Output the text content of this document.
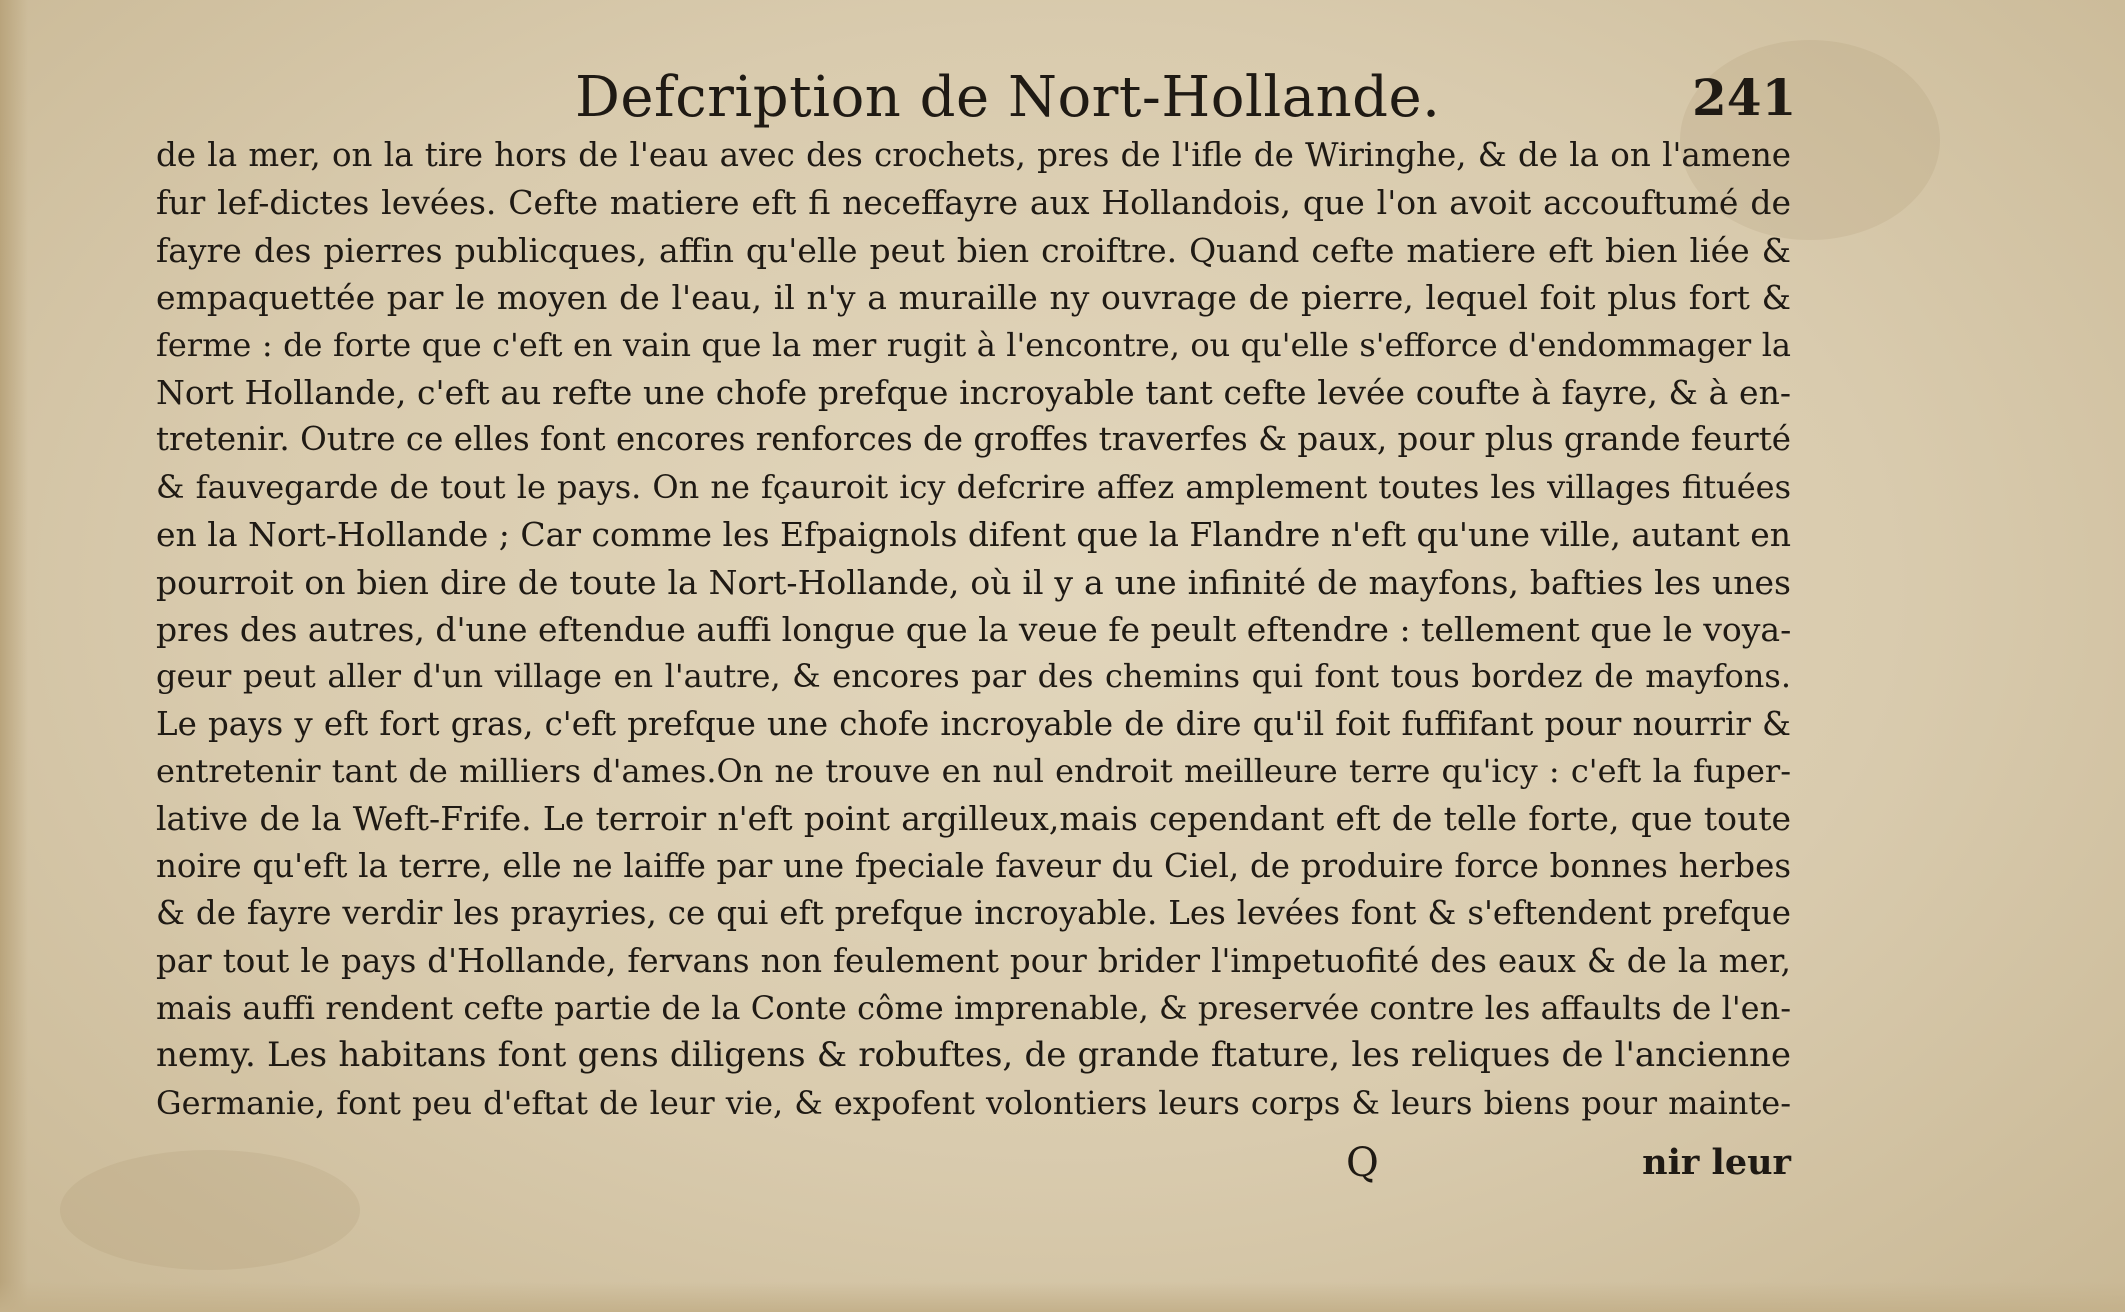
Defcription de Nort-Hollande.	241
de la mer, on la tire hors de l'eau avec des crochets, pres de l'ifle de Wiringhe, & de la on l'amene
fur lef-dictes levées. Cefte matiere eft fi neceffayre aux Hollandois, que l'on avoit accouftumé de
fayre des pierres publicques, affin qu'elle peut bien croiftre. Quand cefte matiere eft bien liée &
empaquettée par le moyen de l'eau, il n'y a muraille ny ouvrage de pierre, lequel foit plus fort &
ferme : de forte que c'eft en vain que la mer rugit à l'encontre, ou qu'elle s'efforce d'endommager la
Nort Hollande, c'eft au refte une chofe prefque incroyable tant cefte levée coufte à fayre, & à en-
tretenir. Outre ce elles font encores renforces de groffes traverfes & paux, pour plus grande feurté
& fauvegarde de tout le pays. On ne fçauroit icy defcrire affez amplement toutes les villages fituées
en la Nort-Hollande ; Car comme les Efpaignols difent que la Flandre n'eft qu'une ville, autant en
pourroit on bien dire de toute la Nort-Hollande, où il y a une infinité de mayfons, bafties les unes
pres des autres, d'une eftendue auffi longue que la veue fe peult eftendre : tellement que le voya-
geur peut aller d'un village en l'autre, & encores par des chemins qui font tous bordez de mayfons.
Le pays y eft fort gras, c'eft prefque une chofe incroyable de dire qu'il foit fuffifant pour nourrir &
entretenir tant de milliers d'ames.On ne trouve en nul endroit meilleure terre qu'icy : c'eft la fuper-
lative de la Weft-Frife. Le terroir n'eft point argilleux,mais cependant eft de telle forte, que toute
noire qu'eft la terre, elle ne laiffe par une fpeciale faveur du Ciel, de produire force bonnes herbes
& de fayre verdir les prayries, ce qui eft prefque incroyable. Les levées font & s'eftendent prefque
par tout le pays d'Hollande, fervans non feulement pour brider l'impetuofité des eaux & de la mer,
mais auffi rendent cefte partie de la Conte côme imprenable, & preservée contre les affaults de l'en-
nemy. Les habitans font gens diligens & robuftes, de grande ftature, les reliques de l'ancienne
Germanie, font peu d'eftat de leur vie, & expofent volontiers leurs corps & leurs biens pour mainte-
Q	nir leur
